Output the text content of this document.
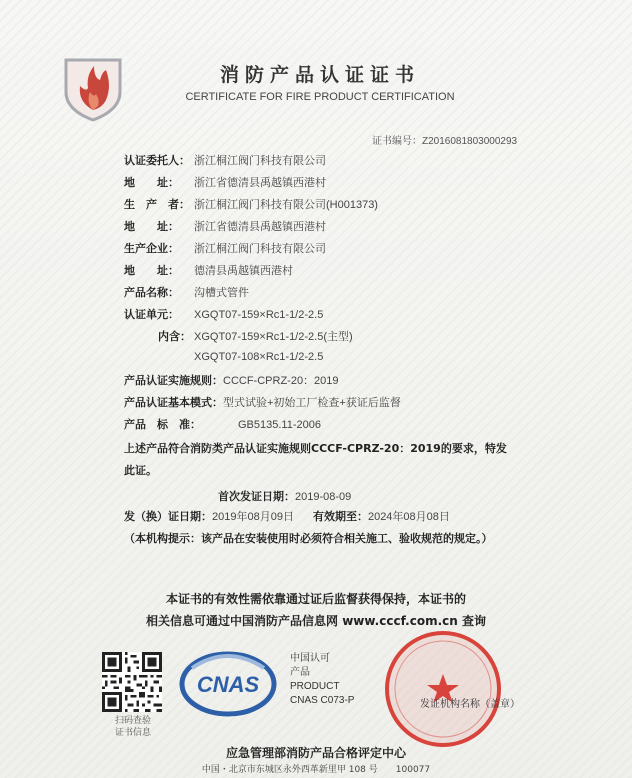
消防产品认证证书
CERTIFICATE FOR FIRE PRODUCT CERTIFICATION
证书编号：Z2016081803000293
认证委托人： 浙江桐江阀门科技有限公司
地　　址： 浙江省德清县禹越镇西港村
生　产　者： 浙江桐江阀门科技有限公司(H001373)
地　　址： 浙江省德清县禹越镇西港村
生产企业： 浙江桐江阀门科技有限公司
地　　址： 德清县禹越镇西港村
产品名称： 沟槽式管件
认证单元： XGQT07-159×Rc1-1/2-2.5
内含： XGQT07-159×Rc1-1/2-2.5(主型)
XGQT07-108×Rc1-1/2-2.5
产品认证实施规则：CCCF-CPRZ-20：2019
产品认证基本模式：型式试验+初始工厂检查+获证后监督
产品　标　准：	GB5135.11-2006
上述产品符合消防类产品认证实施规则CCCF-CPRZ-20：2019的要求，特发
此证。
首次发证日期：2019-08-09
发（换）证日期：2019年08月09日 有效期至：2024年08月08日
（本机构提示：该产品在安装使用时必须符合相关施工、验收规范的规定。）
本证书的有效性需依靠通过证后监督获得保持，本证书的
相关信息可通过中国消防产品信息网 www.cccf.com.cn 查询
扫码查验
证书信息
CNAS
中国认可
产品
PRODUCT
CNAS C073-P	发证机构名称（盖章）
应急管理部消防产品合格评定中心
中国・北京市东城区永外西革新里甲 108 号　　100077
